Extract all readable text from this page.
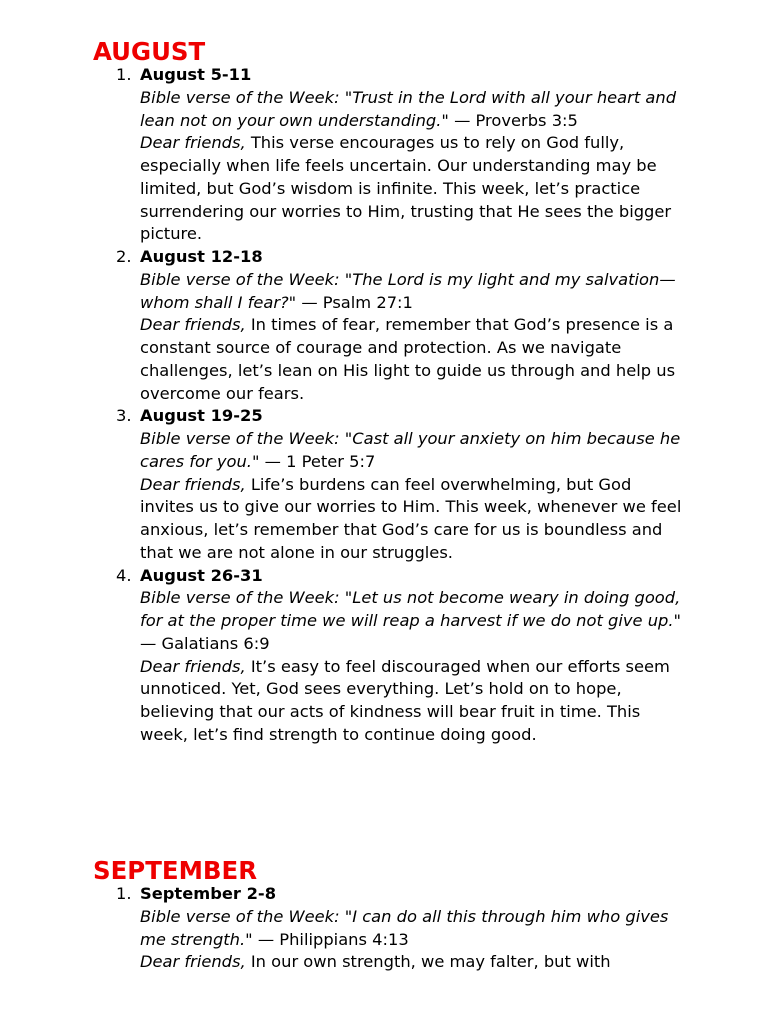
AUGUST
August 5-11
Bible verse of the Week: "Trust in the Lord with all your heart and lean not on your own understanding." — Proverbs 3:5
Dear friends, This verse encourages us to rely on God fully, especially when life feels uncertain. Our understanding may be limited, but God’s wisdom is infinite. This week, let’s practice surrendering our worries to Him, trusting that He sees the bigger picture.
August 12-18
Bible verse of the Week: "The Lord is my light and my salvation—whom shall I fear?" — Psalm 27:1
Dear friends, In times of fear, remember that God’s presence is a constant source of courage and protection. As we navigate challenges, let’s lean on His light to guide us through and help us overcome our fears.
August 19-25
Bible verse of the Week: "Cast all your anxiety on him because he cares for you." — 1 Peter 5:7
Dear friends, Life’s burdens can feel overwhelming, but God invites us to give our worries to Him. This week, whenever we feel anxious, let’s remember that God’s care for us is boundless and that we are not alone in our struggles.
August 26-31
Bible verse of the Week: "Let us not become weary in doing good, for at the proper time we will reap a harvest if we do not give up." — Galatians 6:9
Dear friends, It’s easy to feel discouraged when our efforts seem unnoticed. Yet, God sees everything. Let’s hold on to hope, believing that our acts of kindness will bear fruit in time. This week, let’s find strength to continue doing good.
SEPTEMBER
September 2-8
Bible verse of the Week: "I can do all this through him who gives me strength." — Philippians 4:13
Dear friends, In our own strength, we may falter, but with
